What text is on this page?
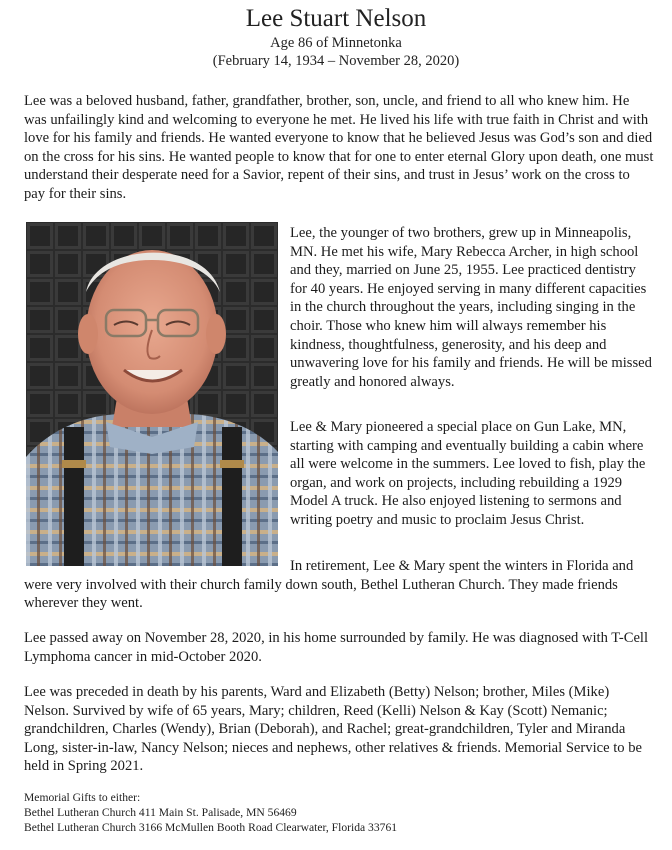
Lee Stuart Nelson
Age 86 of Minnetonka
(February 14, 1934 – November 28, 2020)
Lee was a beloved husband, father, grandfather, brother, son, uncle, and friend to all who knew him. He was unfailingly kind and welcoming to everyone he met. He lived his life with true faith in Christ and with love for his family and friends. He wanted everyone to know that he believed Jesus was God’s son and died on the cross for his sins. He wanted people to know that for one to enter eternal Glory upon death, one must understand their desperate need for a Savior, repent of their sins, and trust in Jesus’ work on the cross to pay for their sins.
Lee, the younger of two brothers, grew up in Minneapolis, MN. He met his wife, Mary Rebecca Archer, in high school and they, married on June 25, 1955. Lee practiced dentistry for 40 years. He enjoyed serving in many different capacities in the church throughout the years, including singing in the choir. Those who knew him will always remember his kindness, thoughtfulness, generosity, and his deep and unwavering love for his family and friends. He will be missed greatly and honored always.
Lee & Mary pioneered a special place on Gun Lake, MN, starting with camping and eventually building a cabin where all were welcome in the summers. Lee loved to fish, play the organ, and work on projects, including rebuilding a 1929 Model A truck. He also enjoyed listening to sermons and writing poetry and music to proclaim Jesus Christ.
In retirement, Lee & Mary spent the winters in Florida and were very involved with their church family down south, Bethel Lutheran Church. They made friends wherever they went.
Lee passed away on November 28, 2020, in his home surrounded by family. He was diagnosed with T-Cell Lymphoma cancer in mid-October 2020.
Lee was preceded in death by his parents, Ward and Elizabeth (Betty) Nelson; brother, Miles (Mike) Nelson. Survived by wife of 65 years, Mary; children, Reed (Kelli) Nelson & Kay (Scott) Nemanic; grandchildren, Charles (Wendy), Brian (Deborah), and Rachel; great-grandchildren, Tyler and Miranda Long, sister-in-law, Nancy Nelson; nieces and nephews, other relatives & friends. Memorial Service to be held in Spring 2021.
Memorial Gifts to either:
Bethel Lutheran Church 411 Main St. Palisade, MN 56469
Bethel Lutheran Church 3166 McMullen Booth Road Clearwater, Florida 33761
